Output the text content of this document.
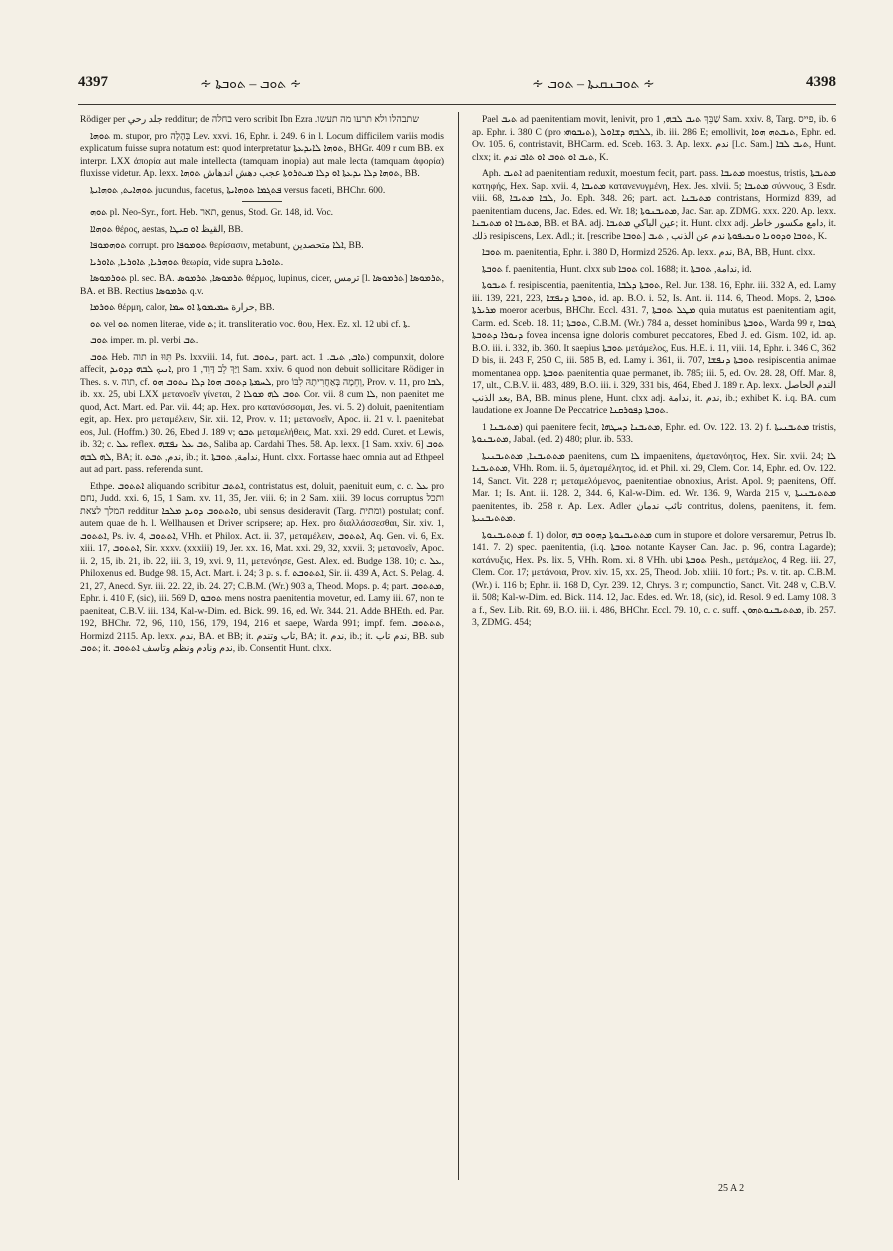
4397	∻ ܬܘܒ – ܬܘܒܬܐ ∻	∻ ܬܘܒܢܩܝܬܐ – ܬܘܒ ∻	4398

Rödiger per جلد رحي redditur; de בחלה vero scribit Ibn Ezra .שתבהלו ולא תרעו מה תעשו

ܬܘܗܐ m. stupor, pro בְּהָלָה Lev. xxvi. 16, Ephr. i. 249. 6 in l. Locum difficilem variis modis explicatum fuisse supra notatum est: quod interpretatur ܬܘܗܐ ܠܐܝܕܥܬܐ, BHGr. 409 r cum BB. ex interpr. LXX ἀπορία aut male intellecta (tamquam inopia) aut male lecta (tamquam ἀφορία) fluxisse videtur. Ap. lexx. ܬܘܗܐ ܕܠܐ ܝܕܥܬܐ ܐܘ ܕܠܐ ܡܝܬܪܘܬܐ عجب دهش اندهاش ܬܘܗܐ, BB.

ܬܘܗܐܝܬ, ܬܘܗܐܝܬܐ jucundus, facetus, ܦܬܓܡܐ ܬܘܗܐܝܬܐ versus faceti, BHChr. 600.

ܬܘܗ pl. Neo-Syr., fort. Heb. תאר, genus, Stod. Gr. 148, id. Voc.

ܬܘܗܐܐ θέρος, aestas, القيظ ܐܘ ܩܝܛܐ, BB.

ܬܘܗܡܘܦܐ corrupt. pro ܬܘܡܘܦܐ θερίσασιν, metabunt, ܐܠܐ متحصدين, BB.

ܬܘܗܪܝܐ, ܬܐܘܪܝܐ, ܬܐܘܪܝܐ θεωρία, vide supra ܬܐܘܪܝܐ.

ܬܘܪܡܘܣܐ pl. sec. BA. ܬܪܡܘܣܐ, ܬܪܡܘܣ θέρμος, lupinus, cicer, ترمس [l. ܬܪܡܘܣܐ] ܬܪܡܘܣܐ, BA. et BB. Rectius ܬܪܡܘܣܐ q.v.

ܬܘܪܡܐ θέρμη, calor, حرارة ܚܡܝܡܘܬܐ ܐܘ ܚܡܐ, BB.

ܬܘ vel ܬܘ nomen literae, vide ܬ; it. transliteratio voc. θου, Hex. Ez. xl. 12 ubi cf. ܬܐ.

ܬܘܒ imper. m. pl. verbi ܬܒ.

ܬܘܒ Heb. תוה in תִּוּוּ Ps. lxxviii. 14, fut. ܢܬܘܒ, part. act. ܬܐܒ, ܬܝܒ. 1) compunxit, dolore affecit, ܐܢܝܟ ܠܒܗ ܕܕܘܝܕ, pro וַיַּךְ לֵב דָּוִד, 1 Sam. xxiv. 6 quod non debuit sollicitare Rödiger in Thes. s. v. תוה, cf. ܠܚܡܬܐ ܕܬܘܒ ܗܘܐ ܕܠܐ ܢܬܘܒ ܗܘ, pro וְחֵמָה בְּאַחֲרִיתָהּ לִבּוֹ, Prov. v. 11, pro ܠܒܐ, ib. xx. 25, ubi LXX μετανοεῖν γίνεται, ܬܘܒ ܠܗ ܡܘܠܐ 2 Cor. vii. 8 cum ܠܐ, non paenitet me quod, Act. Mart. ed. Par. vii. 44; ap. Hex. pro κατανύσσομαι, Jes. vi. 5. 2) doluit, paenitentiam egit, ap. Hex. pro μεταμέλειν, Sir. xii. 12, Prov. v. 11; μετανοεῖν, Apoc. ii. 21 v. l. paenitebat eos, Jul. (Hoffm.) 30. 26, Ebed J. 189 v; ܬܒܘ μεταμελήθεις, Mat. xxi. 29 edd. Curet. et Lewis, ib. 32; c. ܥܠ reflex. ܬܒ ܥܠ ܢܦܫܗ, Saliba ap. Cardahi Thes. 58. Ap. lexx. [1 Sam. xxiv. 6] ܬܘܒ ܠܗ ܠܒܗ, BA; it. ندم, ܬܒܬ, ib.; it. ندامة, ܬܘܒܬܐ, Hunt. clxx. Fortasse haec omnia aut ad Ethpeel aut ad part. pass. referenda sunt.

Ethpe. ܐܬܬܘܒ aliquando scribitur ܐܬܬܒ, contristatus est, doluit, paenituit eum, c. c. ܥܠ pro נחם, Judd. xxi. 6, 15, 1 Sam. xv. 11, 35, Jer. viii. 6; in 2 Sam. xiii. 39 locus corruptus ותכל המלך לצאת redditur ܘܐܬܬܘܒ ܕܘܝܕ ܡܠܟܐ, ubi sensus desideravit (Targ. ומתית) postulat; conf. autem quae de h. l. Wellhausen et Driver scripsere; ap. Hex. pro διαλλάσσεσθαι, Sir. xiv. 1, ܐܬܬܘܒ, Ps. iv. 4, ܐܬܬܘܒ, VHh. et Philox. Act. ii. 37, μεταμέλειν, ܐܬܬܘܒ, Aq. Gen. vi. 6, Ex. xiii. 17, ܐܬܬܘܒ, Sir. xxxv. (xxxiii) 19, Jer. xx. 16, Mat. xxi. 29, 32, xxvii. 3; μετανοεῖν, Apoc. ii. 2, 15, ib. 21, ib. 22, iii. 3, 19, xvi. 9, 11, μετενόησε, Gest. Alex. ed. Budge 138. 10; c. ܥܠ, Philoxenus ed. Budge 98. 15, Act. Mart. i. 24; 3 p. s. f. ܐܬܬܘܒܬ, Sir. ii. 439 A, Act. S. Pelag. 4. 21, 27, Anecd. Syr. iii. 22. 22, ib. 24. 27; C.B.M. (Wr.) 903 a, Theod. Mops. p. 4; part. ܡܬܬܘܒ, Ephr. i. 410 F, (sic), iii. 569 D, ܬܘܒܘ mens nostra paenitentia movetur, ed. Lamy iii. 67, non te paeniteat, C.B.V. iii. 134, Kal-w-Dim. ed. Bick. 99. 16, ed. Wr. 344. 21. Adde BHEth. ed. Par. 192, BHChr. 72, 96, 110, 156, 179, 194, 216 et saepe, Warda 991; impf. fem. ܬܬܬܘܒ, Hormizd 2115. Ap. lexx. ندم, BA. et BB; it. تاب وتندم, BA; it. ندم, ib.; it. ندم تاب, BB. sub ܬܘܒ; it. ندم ونادم ونظم وتاسف ܐܬܬܘܒ, ib. Consentit Hunt. clxx.

Pael ܬܝܒ ad paenitentiam movit, lenivit, pro שַׁבֵּךְ ܬܝܒ ܠܒܗ, 1 Sam. xxiv. 8, Targ. פייס, ib. 6 ap. Ephr. i. 380 C (pro ܬܝܒܘܗܝ), ܠܠܒܗ ܕܫܐܘܠ, ib. iii. 286 E; emollivit, ܬܝܒܬܗ ܗܘܐ, Ephr. ed. Ov. 105. 6, contristavit, BHCarm. ed. Sceb. 163. 3. Ap. lexx. ندم [l.c. Sam.] ܬܝܒ ܠܒܐ, Hunt. clxx; it. ܬܝܒ ܐܘ ܬܘܒ ܐܘ ܬܐܒ ندم, K.

Aph. ܐܬܝܒ ad paenitentiam reduxit, moestum fecit, part. pass. ܡܬܝܒܐ moestus, tristis, ܡܬܝܒܬܐ κατηφής, Hex. Sap. xvii. 4, ܡܬܝܒܐ κατανενυγμένη, Hex. Jes. xlvii. 5; ܡܬܝܒܐ σύννους, 3 Esdr. viii. 68, ܠܒܐ ܡܬܝܒܐ, Jo. Eph. 348. 26; part. act. ܡܬܝܒܢܐ contristans, Hormizd 839, ad paenitentiam ducens, Jac. Edes. ed. Wr. 18; ܡܬܝܒܢܘܬܐ, Jac. Sar. ap. ZDMG. xxx. 220. Ap. lexx. ܡܬܝܒܐ ܐܘ ܡܬܝܒܢܐ, BB. et BA. adj. عين الباكي ܡܬܝܒܐ; it. Hunt. clxx adj. دامع مكسور خاطر, it. ذلك resipiscens, Lex. Adl.; it. [rescribe ܬܘܒܐ] ܬܘܒܐ ܘܕܘܘܢܐ ܘܢܟܝܦܘܬܐ ندم عن الذنب , ܬܝܒ, K.

ܬܘܒܐ m. paenitentia, Ephr. i. 380 D, Hormizd 2526. Ap. lexx. ندم, BA, BB, Hunt. clxx.

ܬܘܒܬܐ f. paenitentia, Hunt. clxx sub ܬܘܒܐ col. 1688; it. ندامة, ܬܘܒܬܐ, id.

ܬܝܒܘܬܐ f. resipiscentia, paenitentia, ܬܘܒܬܐ ܕܠܒܐ, Rel. Jur. 138. 16, Ephr. iii. 332 A, ed. Lamy iii. 139, 221, 223, ܬܘܒܬܐ ܕܢܦܫܐ, id. ap. B.O. i. 52, Is. Ant. ii. 114. 6, Theod. Mops. 2, ܬܘܒܬܐ ܡܪܝܪܬܐ moeror acerbus, BHChr. Eccl. 431. 7, ܡܛܠ ܬܘܒܬܐ quia mutatus est paenitentiam agit, Carm. ed. Sceb. 18. 11; ܬܘܒܬܐ, C.B.M. (Wr.) 784 a, desset hominibus ܬܘܒܬܐ, Warda 99 r, ܓܘܒܐ ܕܢܘܪܐ ܕܬܘܒܬܐ fovea incensa igne doloris comburet peccatores, Ebed J. ed. Gism. 102, id. ap. B.O. iii. i. 332, ib. 360. It saepius ܬܘܒܬܐ μετάμελος, Eus. H.E. i. 11, viii. 14, Ephr. i. 346 C, 362 D bis, ii. 243 F, 250 C, iii. 585 B, ed. Lamy i. 361, ii. 707, ܬܘܒܬܐ ܕܢܦܫܐ resipiscentia animae momentanea opp. ܬܘܒܬܐ paenitentia quae permanet, ib. 785; iii. 5, ed. Ov. 28. 28, Off. Mar. 8, 17, ult., C.B.V. ii. 483, 489, B.O. iii. i. 329, 331 bis, 464, Ebed J. 189 r. Ap. lexx. الندم الحاصل بعد الذنب, BA, BB. minus plene, Hunt. clxx adj. ندامة, it. ندم, ib.; exhibet K. i.q. BA. cum laudatione ex Joanne De Peccatrice ܬܘܒܬܐ ܕܦܘܪܩܢܐ.

ܡܬܝܒܢܐ 1) qui paenitere fecit, ܡܬܝܒܢܐ ܕܚܛܗܐ, Ephr. ed. Ov. 122. 13. 2) f. ܡܬܝܒܢܝܬܐ tristis, ܡܬܝܒܢܘܬܐ, Jabal. (ed. 2) 480; plur. ib. 533.

ܡܬܬܝܒܢܐ, ܡܬܬܝܒܢܝܬܐ paenitens, cum ܠܐ impaenitens, ἀμετανόητος, Hex. Sir. xvii. 24; ܠܐ ܡܬܬܝܒܢܐ, VHh. Rom. ii. 5, ἀμεταμέλητος, id. et Phil. xi. 29, Clem. Cor. 14, Ephr. ed. Ov. 122. 14, Sanct. Vit. 228 r; μεταμελόμενος, paenitentiae obnoxius, Arist. Apol. 9; paenitens, Off. Mar. 1; Is. Ant. ii. 128. 2, 344. 6, Kal-w-Dim. ed. Wr. 136. 9, Warda 215 v, ܡܬܬܝܒܢܝܬܐ paenitentes, ib. 258 r. Ap. Lex. Adler تائب ندمان contritus, dolens, paenitens, it. fem. ܡܬܬܝܒܢܝܬܐ.

ܡܬܬܝܒܢܘܬܐ f. 1) dolor, ܡܬܬܝܒܢܘܬܐ ܕܗܘܘ ܒܗ cum in stupore et dolore versaremur, Petrus Ib. 141. 7. 2) spec. paenitentia, (i.q. ܬܘܒܬܐ notante Kayser Can. Jac. p. 96, contra Lagarde); κατάνυξις, Hex. Ps. lix. 5, VHh. Rom. xi. 8 VHh. ubi ܬܘܒܬܐ Pesh., μετάμελος, 4 Reg. iii. 27, Clem. Cor. 17; μετάνοια, Prov. xiv. 15, xx. 25, Theod. Job. xliii. 10 fort.; Ps. v. tit. ap. C.B.M. (Wr.) i. 116 b; Ephr. ii. 168 D, Cyr. 239. 12, Chrys. 3 r; compunctio, Sanct. Vit. 248 v, C.B.V. ii. 508; Kal-w-Dim. ed. Bick. 114. 12, Jac. Edes. ed. Wr. 18, (sic), id. Resol. 9 ed. Lamy 108. 3 a f., Sev. Lib. Rit. 69, B.O. iii. i. 486, BHChr. Eccl. 79. 10, c. c. suff. ܡܬܬܝܒܢܘܬܗܘܢ, ib. 257. 3, ZDMG. 454;

25 A 2
